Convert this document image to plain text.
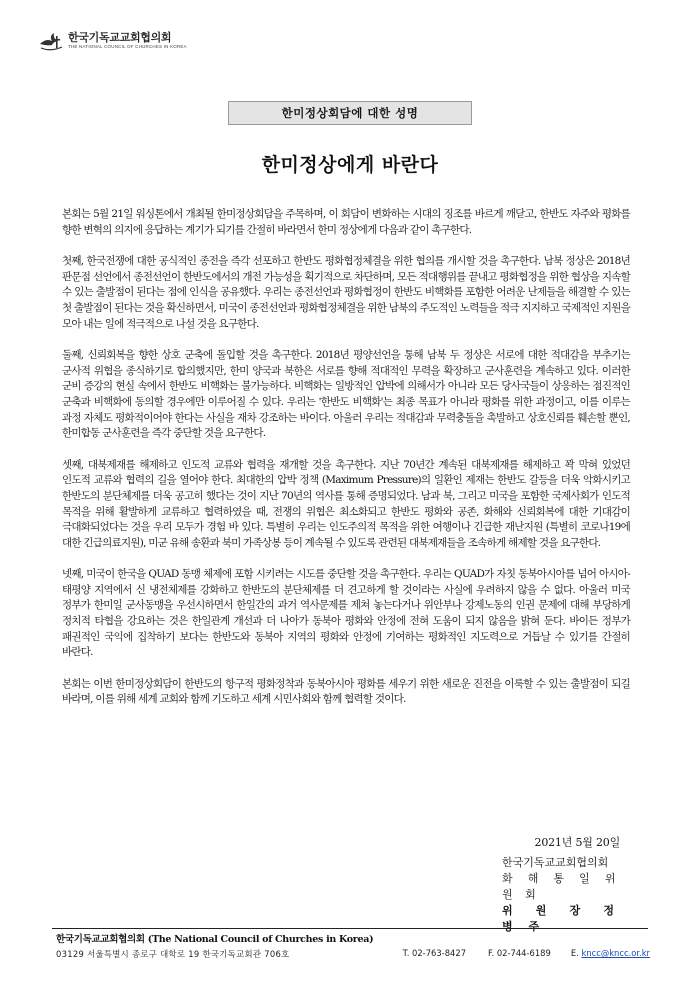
한국기독교교회협의회
THE NATIONAL COUNCIL OF CHURCHES IN KOREA
한미정상회담에 대한 성명
한미정상에게 바란다

본회는 5월 21일 워싱톤에서 개최될 한미정상회담을 주목하며, 이 회담이 변화하는 시대의 징조를 바르게 깨닫고, 한반도 자주와 평화를 향한 변혁의 의지에 응답하는 계기가 되기를 간절히 바라면서 한미 정상에게 다음과 같이 촉구한다.

첫째, 한국전쟁에 대한 공식적인 종전을 즉각 선포하고 한반도 평화협정체결을 위한 협의를 개시할 것을 촉구한다. 남북 정상은 2018년 판문점 선언에서 종전선언이 한반도에서의 개전 가능성을 획기적으로 차단하며, 모든 적대행위를 끝내고 평화협정을 위한 협상을 지속할 수 있는 출발점이 된다는 점에 인식을 공유했다. 우리는 종전선언과 평화협정이 한반도 비핵화를 포함한 어려운 난제들을 해결할 수 있는 첫 출발점이 된다는 것을 확신하면서, 미국이 종전선언과 평화협정체결을 위한 남북의 주도적인 노력들을 적극 지지하고 국제적인 지원을 모아 내는 일에 적극적으로 나설 것을 요구한다.

둘째, 신뢰회복을 향한 상호 군축에 돌입할 것을 촉구한다. 2018년 평양선언을 통해 남북 두 정상은 서로에 대한 적대감을 부추기는 군사적 위협을 종식하기로 합의했지만, 한미 양국과 북한은 서로를 향해 적대적인 무력을 확장하고 군사훈련을 계속하고 있다. 이러한 군비 증강의 현실 속에서 한반도 비핵화는 불가능하다. 비핵화는 일방적인 압박에 의해서가 아니라 모든 당사국들이 상응하는 점진적인 군축과 비핵화에 동의할 경우에만 이루어질 수 있다. 우리는 '한반도 비핵화'는 최종 목표가 아니라 평화를 위한 과정이고, 이를 이루는 과정 자체도 평화적이어야 한다는 사실을 재차 강조하는 바이다. 아울러 우리는 적대감과 무력충돌을 촉발하고 상호신뢰를 훼손할 뿐인, 한미합동 군사훈련을 즉각 중단할 것을 요구한다.

셋째, 대북제재를 해제하고 인도적 교류와 협력을 재개할 것을 촉구한다. 지난 70년간 계속된 대북제재를 해제하고 꽉 막혀 있었던 인도적 교류와 협력의 길을 열어야 한다. 최대한의 압박 정책 (Maximum Pressure)의 일환인 제재는 한반도 갈등을 더욱 악화시키고 한반도의 분단체제를 더욱 공고히 했다는 것이 지난 70년의 역사를 통해 증명되었다. 남과 북, 그리고 미국을 포함한 국제사회가 인도적 목적을 위해 활발하게 교류하고 협력하였을 때, 전쟁의 위협은 최소화되고 한반도 평화와 공존, 화해와 신뢰회복에 대한 기대감이 극대화되었다는 것을 우리 모두가 경험 바 있다. 특별히 우리는 인도주의적 목적을 위한 여행이나 긴급한 재난지원 (특별히 코로나19에 대한 긴급의료지원), 미군 유해 송환과 북미 가족상봉 등이 계속될 수 있도록 관련된 대북제재들을 조속하게 해제할 것을 요구한다.

넷째, 미국이 한국을 QUAD 동맹 체제에 포함 시키려는 시도를 중단할 것을 촉구한다. 우리는 QUAD가 자칫 동북아시아를 넘어 아시아-태평양 지역에서 신 냉전체제를 강화하고 한반도의 분단체제를 더 견고하게 할 것이라는 사실에 우려하지 않을 수 없다. 아울러 미국 정부가 한미일 군사동맹을 우선시하면서 한일간의 과거 역사문제를 제쳐 놓는다거나 위안부나 강제노동의 인권 문제에 대해 부당하게 정치적 타협을 강요하는 것은 한일관계 개선과 더 나아가 동북아 평화와 안정에 전혀 도움이 되지 않음을 밝혀 둔다. 바이든 정부가 패권적인 국익에 집착하기 보다는 한반도와 동북아 지역의 평화와 안정에 기여하는 평화적인 지도력으로 거듭날 수 있기를 간절히 바란다.

본회는 이번 한미정상회담이 한반도의 항구적 평화정착과 동북아시아 평화를 세우기 위한 새로운 진전을 이룩할 수 있는 출발점이 되길 바라며, 이를 위해 세계 교회와 함께 기도하고 세계 시민사회와 함께 협력할 것이다.

2021년 5월 20일
한국기독교교회협의회
화 해 통 일 위 원 회
위 원 장 정 병 주
한국기독교교회협의회 (The National Council of Churches in Korea)
03129 서울특별시 종로구 대학로 19 한국기독교회관 706호	T. 02-763-8427	F. 02-744-6189 E. kncc@kncc.or.kr
